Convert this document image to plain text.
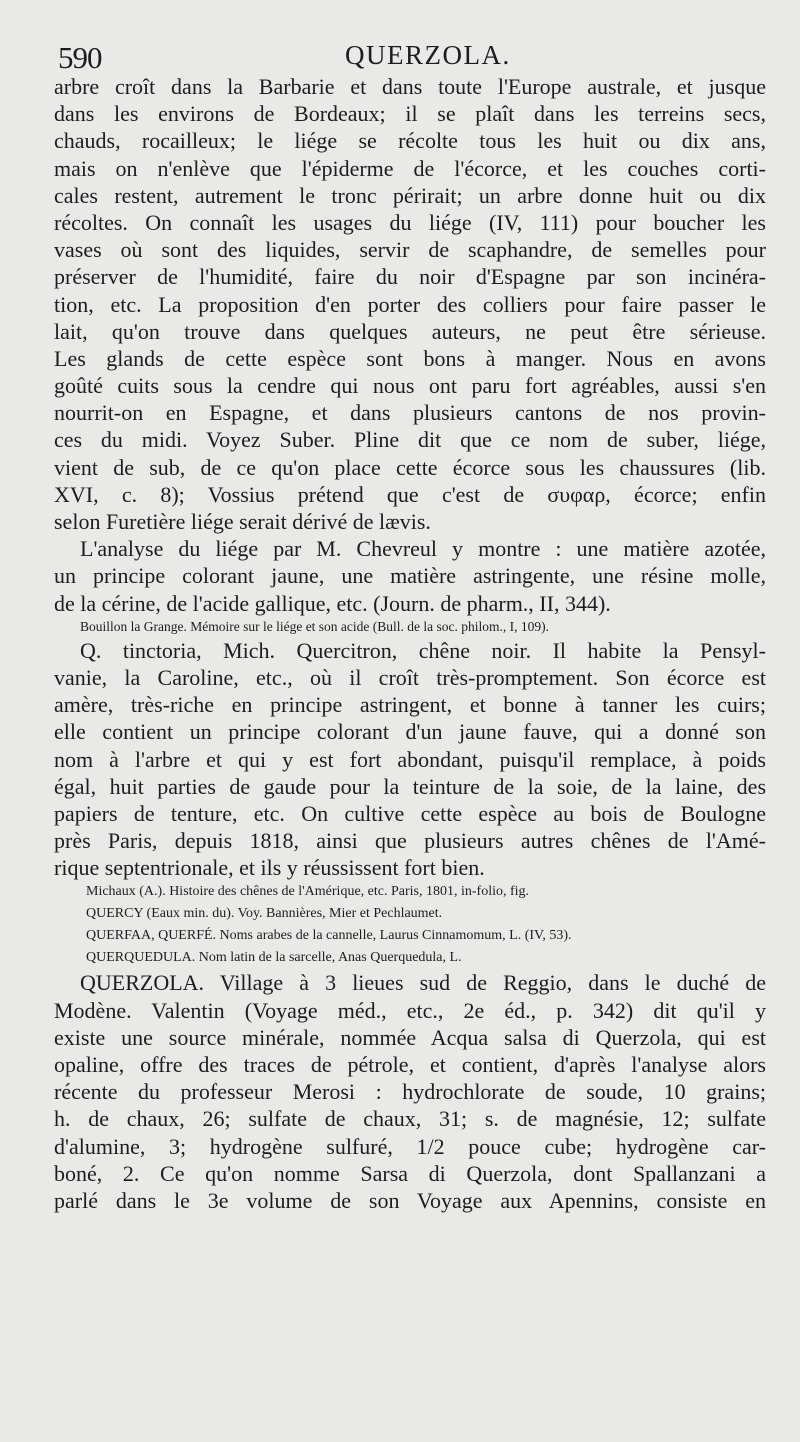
590	QUERZOLA.
arbre croît dans la Barbarie et dans toute l'Europe australe, et jusque
dans les environs de Bordeaux; il se plaît dans les terreins secs,
chauds, rocailleux; le liége se récolte tous les huit ou dix ans,
mais on n'enlève que l'épiderme de l'écorce, et les couches corti-
cales restent, autrement le tronc périrait; un arbre donne huit ou dix
récoltes. On connaît les usages du liége (IV, 111) pour boucher les
vases où sont des liquides, servir de scaphandre, de semelles pour
préserver de l'humidité, faire du noir d'Espagne par son incinéra-
tion, etc. La proposition d'en porter des colliers pour faire passer le
lait, qu'on trouve dans quelques auteurs, ne peut être sérieuse.
Les glands de cette espèce sont bons à manger. Nous en avons
goûté cuits sous la cendre qui nous ont paru fort agréables, aussi s'en
nourrit-on en Espagne, et dans plusieurs cantons de nos provin-
ces du midi. Voyez Suber. Pline dit que ce nom de suber, liége,
vient de sub, de ce qu'on place cette écorce sous les chaussures (lib.
XVI, c. 8); Vossius prétend que c'est de συφαρ, écorce; enfin
selon Furetière liége serait dérivé de lævis.
L'analyse du liége par M. Chevreul y montre : une matière azotée,
un principe colorant jaune, une matière astringente, une résine molle,
de la cérine, de l'acide gallique, etc. (Journ. de pharm., II, 344).
Bouillon la Grange. Mémoire sur le liége et son acide (Bull. de la soc. philom., I, 109).
Q. tinctoria, Mich. Quercitron, chêne noir. Il habite la Pensyl-
vanie, la Caroline, etc., où il croît très-promptement. Son écorce est
amère, très-riche en principe astringent, et bonne à tanner les cuirs;
elle contient un principe colorant d'un jaune fauve, qui a donné son
nom à l'arbre et qui y est fort abondant, puisqu'il remplace, à poids
égal, huit parties de gaude pour la teinture de la soie, de la laine, des
papiers de tenture, etc. On cultive cette espèce au bois de Boulogne
près Paris, depuis 1818, ainsi que plusieurs autres chênes de l'Amé-
rique septentrionale, et ils y réussissent fort bien.
Michaux (A.). Histoire des chênes de l'Amérique, etc. Paris, 1801, in-folio, fig.
QUERCY (Eaux min. du). Voy. Bannières, Mier et Pechlaumet.
QUERFAA, QUERFÉ. Noms arabes de la cannelle, Laurus Cinnamomum, L. (IV, 53).
QUERQUEDULA. Nom latin de la sarcelle, Anas Querquedula, L.
QUERZOLA. Village à 3 lieues sud de Reggio, dans le duché de
Modène. Valentin (Voyage méd., etc., 2e éd., p. 342) dit qu'il y
existe une source minérale, nommée Acqua salsa di Querzola, qui est
opaline, offre des traces de pétrole, et contient, d'après l'analyse alors
récente du professeur Merosi : hydrochlorate de soude, 10 grains;
h. de chaux, 26; sulfate de chaux, 31; s. de magnésie, 12; sulfate
d'alumine, 3; hydrogène sulfuré, 1/2 pouce cube; hydrogène car-
boné, 2. Ce qu'on nomme Sarsa di Querzola, dont Spallanzani a
parlé dans le 3e volume de son Voyage aux Apennins, consiste en
